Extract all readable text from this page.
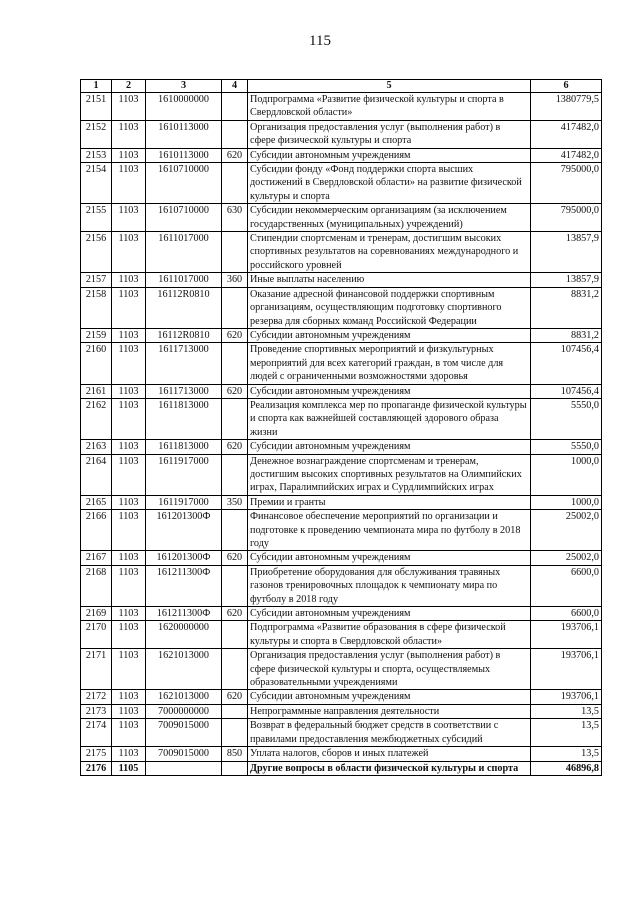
115
1	2	3	4	5	6
2151	1103	1610000000		Подпрограмма «Развитие физической культуры и спорта в Свердловской области»	1380779,5
2152	1103	1610113000		Организация предоставления услуг (выполнения работ) в сфере физической культуры и спорта	417482,0
2153	1103	1610113000	620	Субсидии автономным учреждениям	417482,0
2154	1103	1610710000		Субсидии фонду «Фонд поддержки спорта высших достижений в Свердловской области» на развитие физической культуры и спорта	795000,0
2155	1103	1610710000	630	Субсидии некоммерческим организациям (за исключением государственных (муниципальных) учреждений)	795000,0
2156	1103	1611017000		Стипендии спортсменам и тренерам, достигшим высоких спортивных результатов на соревнованиях международного и российского уровней	13857,9
2157	1103	1611017000	360	Иные выплаты населению	13857,9
2158	1103	16112R0810		Оказание адресной финансовой поддержки спортивным организациям, осуществляющим подготовку спортивного резерва для сборных команд Российской Федерации	8831,2
2159	1103	16112R0810	620	Субсидии автономным учреждениям	8831,2
2160	1103	1611713000		Проведение спортивных мероприятий и физкультурных мероприятий для всех категорий граждан, в том числе для людей с ограниченными возможностями здоровья	107456,4
2161	1103	1611713000	620	Субсидии автономным учреждениям	107456,4
2162	1103	1611813000		Реализация комплекса мер по пропаганде физической культуры и спорта как важнейшей составляющей здорового образа жизни	5550,0
2163	1103	1611813000	620	Субсидии автономным учреждениям	5550,0
2164	1103	1611917000		Денежное вознаграждение спортсменам и тренерам, достигшим высоких спортивных результатов на Олимпийских играх, Паралимпийских играх и Сурдлимпийских играх	1000,0
2165	1103	1611917000	350	Премии и гранты	1000,0
2166	1103	161201300Ф		Финансовое обеспечение мероприятий по организации и подготовке к проведению чемпионата мира по футболу в 2018 году	25002,0
2167	1103	161201300Ф	620	Субсидии автономным учреждениям	25002,0
2168	1103	161211300Ф		Приобретение оборудования для обслуживания травяных газонов тренировочных площадок к чемпионату мира по футболу в 2018 году	6600,0
2169	1103	161211300Ф	620	Субсидии автономным учреждениям	6600,0
2170	1103	1620000000		Подпрограмма «Развитие образования в сфере физической культуры и спорта в Свердловской области»	193706,1
2171	1103	1621013000		Организация предоставления услуг (выполнения работ) в сфере физической культуры и спорта, осуществляемых образовательными учреждениями	193706,1
2172	1103	1621013000	620	Субсидии автономным учреждениям	193706,1
2173	1103	7000000000		Непрограммные направления деятельности	13,5
2174	1103	7009015000		Возврат в федеральный бюджет средств в соответствии с правилами предоставления межбюджетных субсидий	13,5
2175	1103	7009015000	850	Уплата налогов, сборов и иных платежей	13,5
2176	1105			Другие вопросы в области физической культуры и спорта	46896,8
